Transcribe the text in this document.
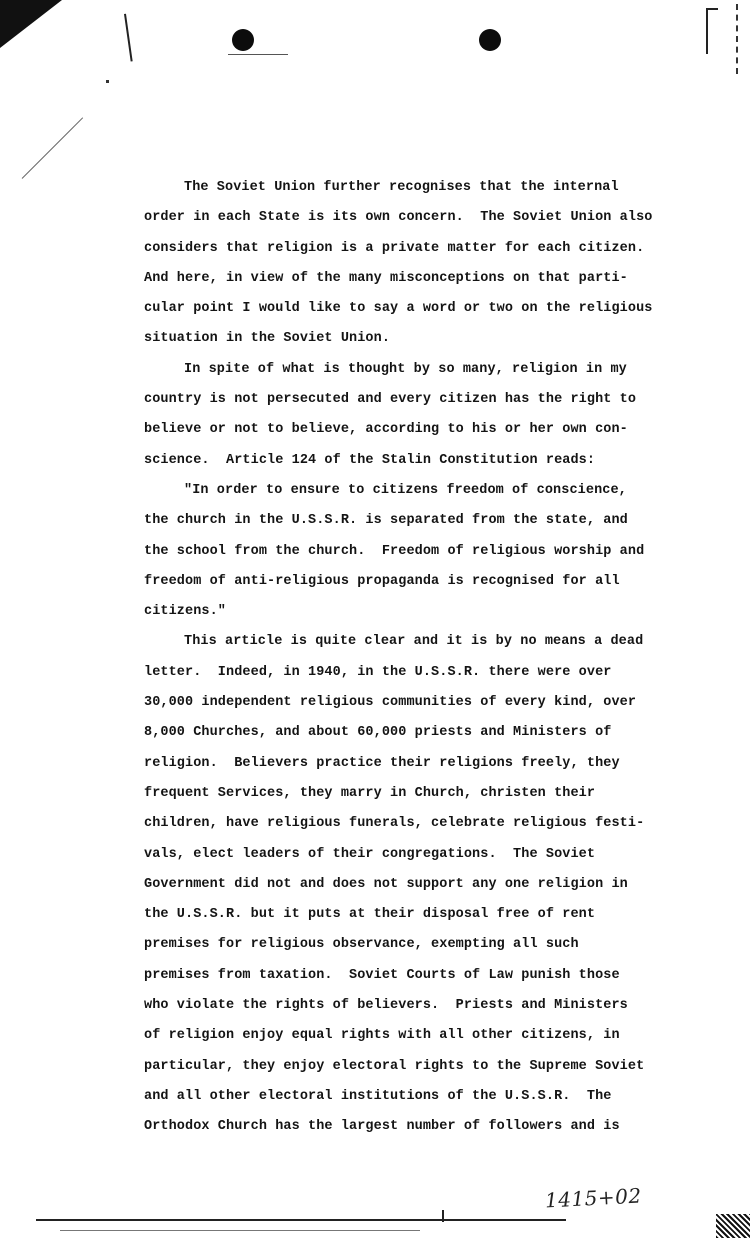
The Soviet Union further recognises that the internal
order in each State is its own concern.  The Soviet Union also
considers that religion is a private matter for each citizen.
And here, in view of the many misconceptions on that parti-
cular point I would like to say a word or two on the religious
situation in the Soviet Union.
In spite of what is thought by so many, religion in my
country is not persecuted and every citizen has the right to
believe or not to believe, according to his or her own con-
science.  Article 124 of the Stalin Constitution reads:
"In order to ensure to citizens freedom of conscience,
the church in the U.S.S.R. is separated from the state, and
the school from the church.  Freedom of religious worship and
freedom of anti-religious propaganda is recognised for all
citizens."
This article is quite clear and it is by no means a dead
letter.  Indeed, in 1940, in the U.S.S.R. there were over
30,000 independent religious communities of every kind, over
8,000 Churches, and about 60,000 priests and Ministers of
religion.  Believers practice their religions freely, they
frequent Services, they marry in Church, christen their
children, have religious funerals, celebrate religious festi-
vals, elect leaders of their congregations.  The Soviet
Government did not and does not support any one religion in
the U.S.S.R. but it puts at their disposal free of rent
premises for religious observance, exempting all such
premises from taxation.  Soviet Courts of Law punish those
who violate the rights of believers.  Priests and Ministers
of religion enjoy equal rights with all other citizens, in
particular, they enjoy electoral rights to the Supreme Soviet
and all other electoral institutions of the U.S.S.R.  The
Orthodox Church has the largest number of followers and is
1415+02
